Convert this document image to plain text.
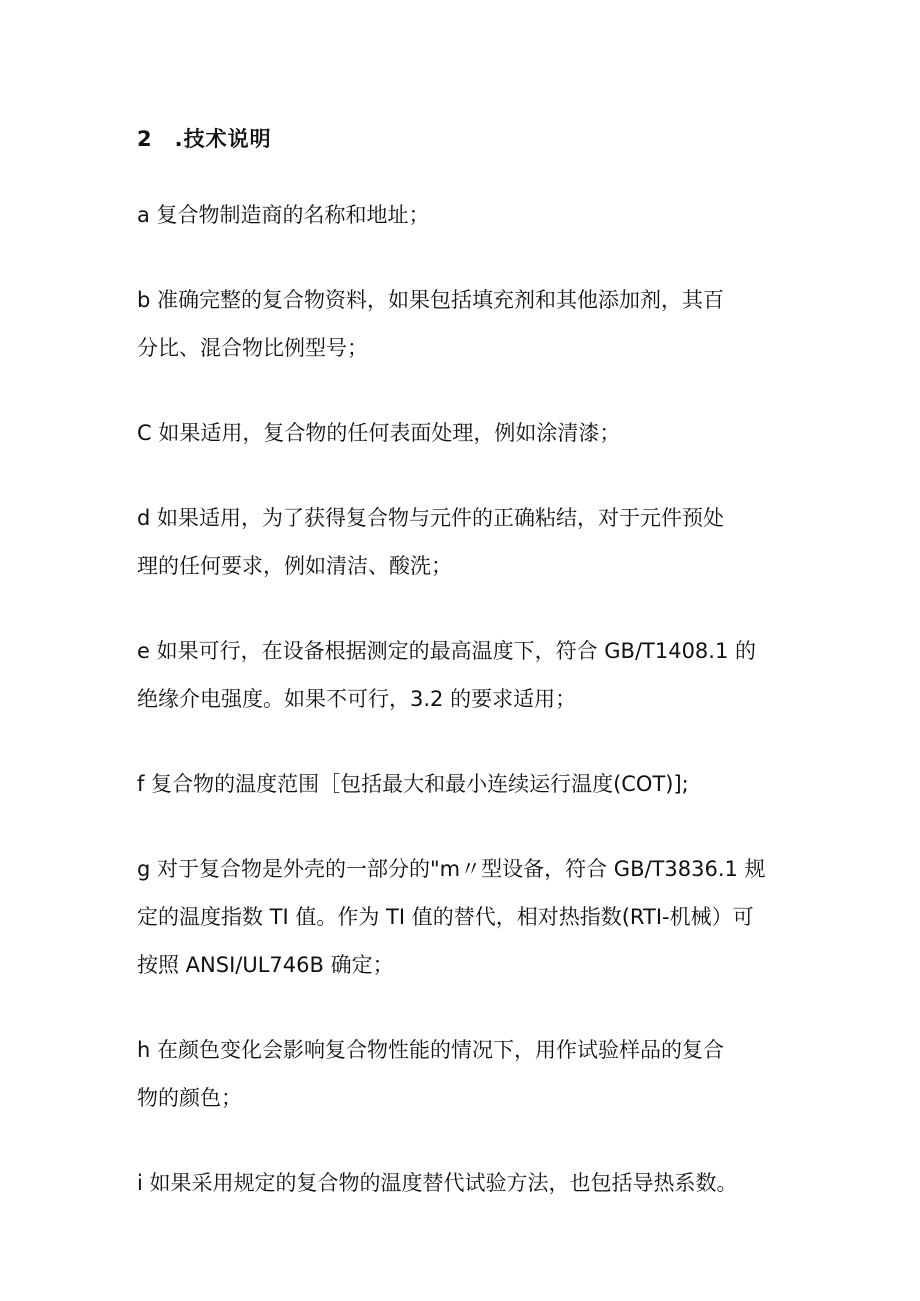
2　.技术说明
a 复合物制造商的名称和地址；
b 准确完整的复合物资料，如果包括填充剂和其他添加剂，其百
分比、混合物比例型号；
C 如果适用，复合物的任何表面处理，例如涂清漆；
d 如果适用，为了获得复合物与元件的正确粘结，对于元件预处
理的任何要求，例如清洁、酸洗；
e 如果可行，在设备根据测定的最高温度下，符合 GB/T1408.1 的
绝缘介电强度。如果不可行，3.2 的要求适用；
f 复合物的温度范围［包括最大和最小连续运行温度(COT)];
g 对于复合物是外壳的一部分的"m〃型设备，符合 GB/T3836.1 规
定的温度指数 TI 值。作为 TI 值的替代，相对热指数(RTI-机械）可
按照 ANSI/UL746B 确定；
h 在颜色变化会影响复合物性能的情况下，用作试验样品的复合
物的颜色；
i 如果采用规定的复合物的温度替代试验方法，也包括导热系数。
